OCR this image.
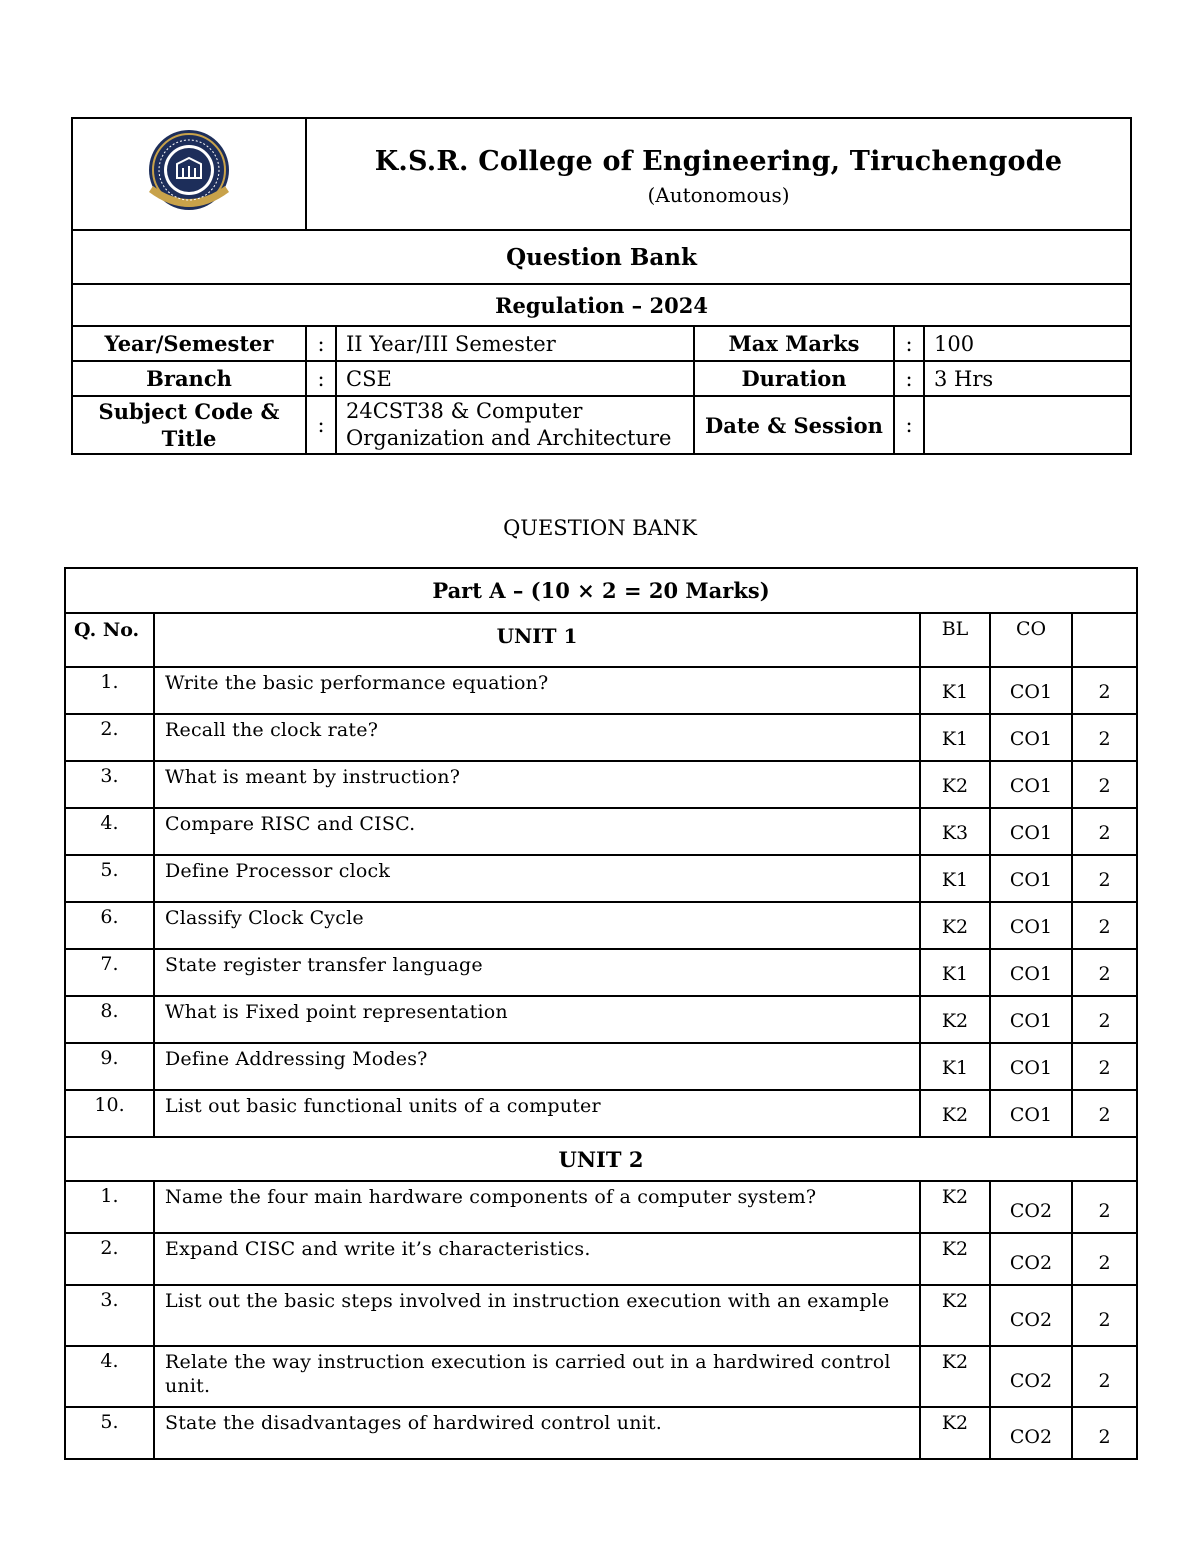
K.S.R. College of Engineering, Tiruchengode
(Autonomous)				

Question Bank					
Regulation – 2024					
Year/Semester	:	II Year/III Semester	Max Marks	:	100
Branch	:	CSE	Duration	:	3 Hrs
Subject Code & Title	:	24CST38 & Computer Organization and Architecture	Date & Session	:	
QUESTION BANK
Part A – (10 × 2 = 20 Marks)				
Q. No.	UNIT 1	BL	CO	
1.	Write the basic performance equation?	K1	CO1	2
2.	Recall the clock rate?	K1	CO1	2
3.	What is meant by instruction?	K2	CO1	2
4.	Compare RISC and CISC.	K3	CO1	2
5.	Define Processor clock	K1	CO1	2
6.	Classify Clock Cycle	K2	CO1	2
7.	State register transfer language	K1	CO1	2
8.	What is Fixed point representation	K2	CO1	2
9.	Define Addressing Modes?	K1	CO1	2
10.	List out basic functional units of a computer	K2	CO1	2
UNIT 2				
1.	Name the four main hardware components of a computer system?	K2	CO2	2
2.	Expand CISC and write it’s characteristics.	K2	CO2	2
3.	List out the basic steps involved in instruction execution with an example	K2	CO2	2
4.	Relate the way instruction execution is carried out in a hardwired control unit.	K2	CO2	2
5.	State the disadvantages of hardwired control unit.	K2	CO2	2
